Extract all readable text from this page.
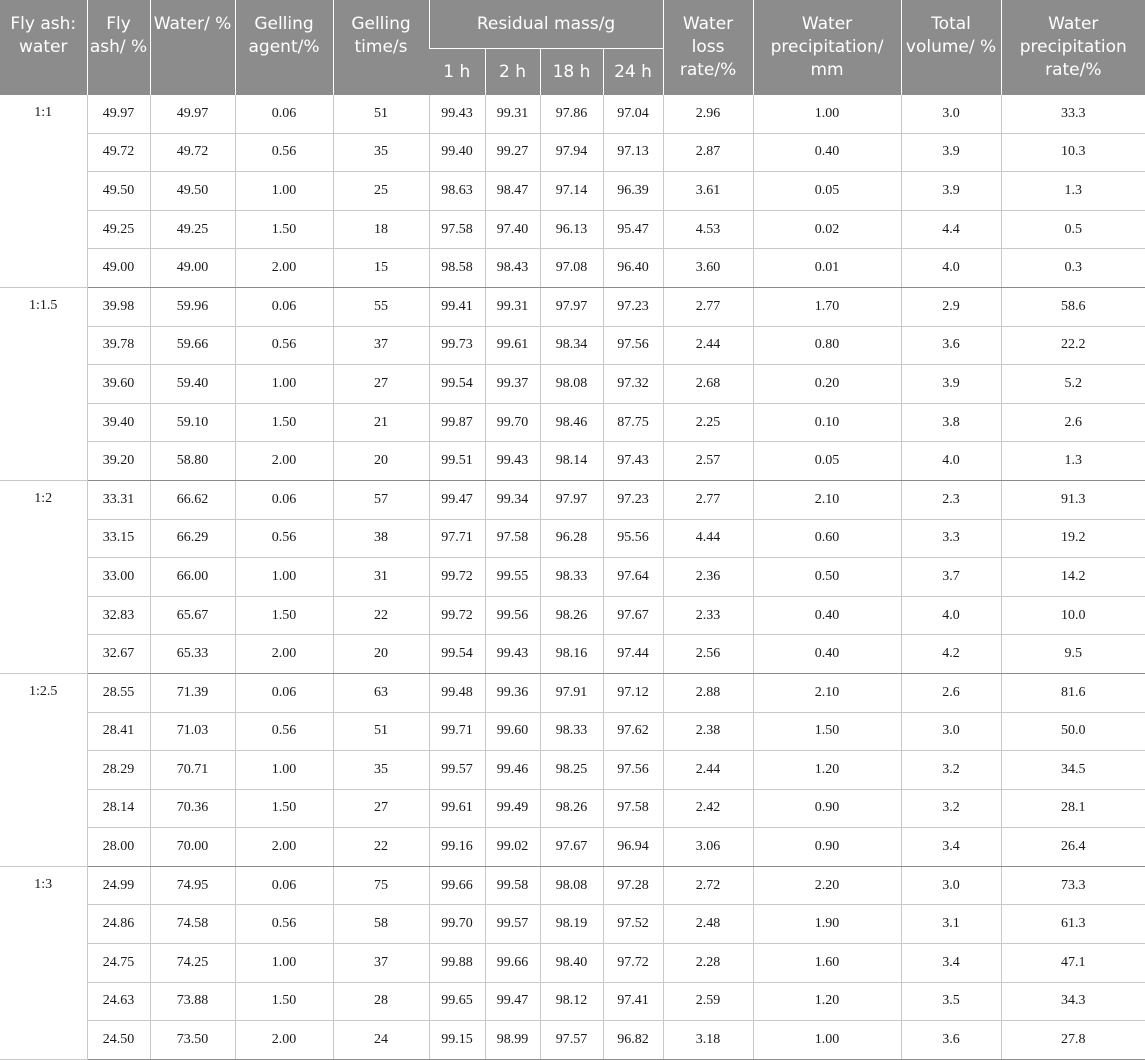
Fly ash: water	Fly ash/ %	Water/ %	Gelling agent/%	Gelling time/s	Residual mass/g				Water loss rate/%	Water precipitation/ mm	Total volume/ %	Water precipitation rate/%
					1 h	2 h	18 h	24 h				
1:1	49.97	49.97	0.06	51	99.43	99.31	97.86	97.04	2.96	1.00	3.0	33.3
	49.72	49.72	0.56	35	99.40	99.27	97.94	97.13	2.87	0.40	3.9	10.3
	49.50	49.50	1.00	25	98.63	98.47	97.14	96.39	3.61	0.05	3.9	1.3
	49.25	49.25	1.50	18	97.58	97.40	96.13	95.47	4.53	0.02	4.4	0.5
	49.00	49.00	2.00	15	98.58	98.43	97.08	96.40	3.60	0.01	4.0	0.3
1:1.5	39.98	59.96	0.06	55	99.41	99.31	97.97	97.23	2.77	1.70	2.9	58.6
	39.78	59.66	0.56	37	99.73	99.61	98.34	97.56	2.44	0.80	3.6	22.2
	39.60	59.40	1.00	27	99.54	99.37	98.08	97.32	2.68	0.20	3.9	5.2
	39.40	59.10	1.50	21	99.87	99.70	98.46	87.75	2.25	0.10	3.8	2.6
	39.20	58.80	2.00	20	99.51	99.43	98.14	97.43	2.57	0.05	4.0	1.3
1:2	33.31	66.62	0.06	57	99.47	99.34	97.97	97.23	2.77	2.10	2.3	91.3
	33.15	66.29	0.56	38	97.71	97.58	96.28	95.56	4.44	0.60	3.3	19.2
	33.00	66.00	1.00	31	99.72	99.55	98.33	97.64	2.36	0.50	3.7	14.2
	32.83	65.67	1.50	22	99.72	99.56	98.26	97.67	2.33	0.40	4.0	10.0
	32.67	65.33	2.00	20	99.54	99.43	98.16	97.44	2.56	0.40	4.2	9.5
1:2.5	28.55	71.39	0.06	63	99.48	99.36	97.91	97.12	2.88	2.10	2.6	81.6
	28.41	71.03	0.56	51	99.71	99.60	98.33	97.62	2.38	1.50	3.0	50.0
	28.29	70.71	1.00	35	99.57	99.46	98.25	97.56	2.44	1.20	3.2	34.5
	28.14	70.36	1.50	27	99.61	99.49	98.26	97.58	2.42	0.90	3.2	28.1
	28.00	70.00	2.00	22	99.16	99.02	97.67	96.94	3.06	0.90	3.4	26.4
1:3	24.99	74.95	0.06	75	99.66	99.58	98.08	97.28	2.72	2.20	3.0	73.3
	24.86	74.58	0.56	58	99.70	99.57	98.19	97.52	2.48	1.90	3.1	61.3
	24.75	74.25	1.00	37	99.88	99.66	98.40	97.72	2.28	1.60	3.4	47.1
	24.63	73.88	1.50	28	99.65	99.47	98.12	97.41	2.59	1.20	3.5	34.3
	24.50	73.50	2.00	24	99.15	98.99	97.57	96.82	3.18	1.00	3.6	27.8
